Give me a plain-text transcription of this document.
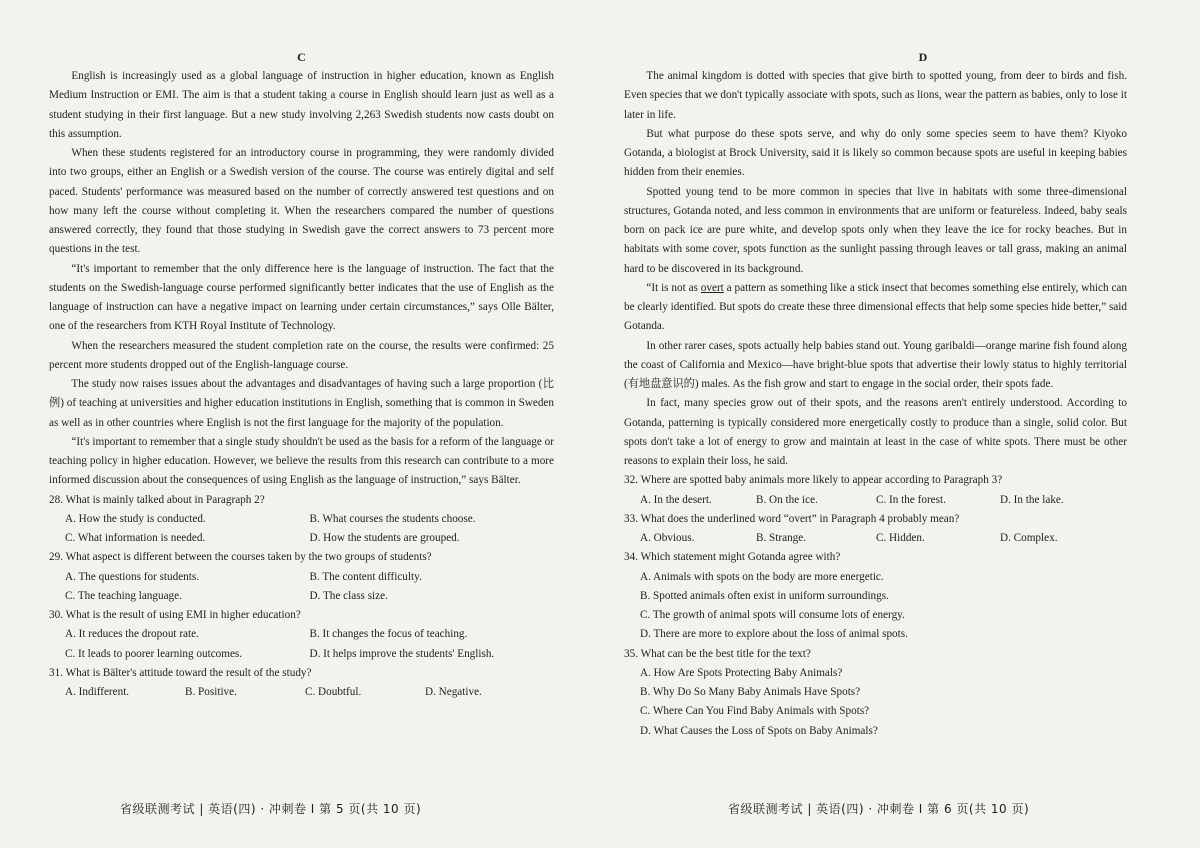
C

English is increasingly used as a global language of instruction in higher education, known as English Medium Instruction or EMI. The aim is that a student taking a course in English should learn just as well as a student studying in their first language. But a new study involving 2,263 Swedish students now casts doubt on this assumption.

When these students registered for an introductory course in programming, they were randomly divided into two groups, either an English or a Swedish version of the course. The course was entirely digital and self paced. Students' performance was measured based on the number of correctly answered test questions and on how many left the course without completing it. When the researchers compared the number of questions answered correctly, they found that those studying in Swedish gave the correct answers to 73 percent more questions in the test.

“It's important to remember that the only difference here is the language of instruction. The fact that the students on the Swedish-language course performed significantly better indicates that the use of English as the language of instruction can have a negative impact on learning under certain circumstances,” says Olle Bälter, one of the researchers from KTH Royal Institute of Technology.

When the researchers measured the student completion rate on the course, the results were confirmed: 25 percent more students dropped out of the English-language course.

The study now raises issues about the advantages and disadvantages of having such a large proportion (比例) of teaching at universities and higher education institutions in English, something that is common in Sweden as well as in other countries where English is not the first language for the majority of the population.

“It's important to remember that a single study shouldn't be used as the basis for a reform of the language or teaching policy in higher education. However, we believe the results from this research can contribute to a more informed discussion about the consequences of using English as the language of instruction,” says Bälter.

28. What is mainly talked about in Paragraph 2?
A. How the study is conducted.	B. What courses the students choose.
C. What information is needed.	D. How the students are grouped.
29. What aspect is different between the courses taken by the two groups of students?
A. The questions for students.	B. The content difficulty.
C. The teaching language.	D. The class size.
30. What is the result of using EMI in higher education?
A. It reduces the dropout rate.	B. It changes the focus of teaching.
C. It leads to poorer learning outcomes.	D. It helps improve the students' English.
31. What is Bälter's attitude toward the result of the study?
A. Indifferent.	B. Positive.	C. Doubtful.	D. Negative.
省级联测考试 | 英语(四) · 冲刺卷 Ⅰ 第 5 页(共 10 页)
D

The animal kingdom is dotted with species that give birth to spotted young, from deer to birds and fish. Even species that we don't typically associate with spots, such as lions, wear the pattern as babies, only to lose it later in life.

But what purpose do these spots serve, and why do only some species seem to have them? Kiyoko Gotanda, a biologist at Brock University, said it is likely so common because spots are useful in keeping babies hidden from their enemies.

Spotted young tend to be more common in species that live in habitats with some three-dimensional structures, Gotanda noted, and less common in environments that are uniform or featureless. Indeed, baby seals born on pack ice are pure white, and develop spots only when they leave the ice for rocky beaches. But in habitats with some cover, spots function as the sunlight passing through leaves or tall grass, making an animal hard to be discovered in its background.

“It is not as overt a pattern as something like a stick insect that becomes something else entirely, which can be clearly identified. But spots do create these three dimensional effects that help some species hide better,” said Gotanda.

In other rarer cases, spots actually help babies stand out. Young garibaldi—orange marine fish found along the coast of California and Mexico—have bright-blue spots that advertise their lowly status to highly territorial (有地盘意识的) males. As the fish grow and start to engage in the social order, their spots fade.

In fact, many species grow out of their spots, and the reasons aren't entirely understood. According to Gotanda, patterning is typically considered more energetically costly to produce than a single, solid color. But spots don't take a lot of energy to grow and maintain at least in the case of white spots. There must be other reasons to explain their loss, he said.

32. Where are spotted baby animals more likely to appear according to Paragraph 3?
A. In the desert.	B. On the ice.	C. In the forest.	D. In the lake.
33. What does the underlined word “overt” in Paragraph 4 probably mean?
A. Obvious.	B. Strange.	C. Hidden.	D. Complex.
34. Which statement might Gotanda agree with?
A. Animals with spots on the body are more energetic.
B. Spotted animals often exist in uniform surroundings.
C. The growth of animal spots will consume lots of energy.
D. There are more to explore about the loss of animal spots.
35. What can be the best title for the text?
A. How Are Spots Protecting Baby Animals?
B. Why Do So Many Baby Animals Have Spots?
C. Where Can You Find Baby Animals with Spots?
D. What Causes the Loss of Spots on Baby Animals?
省级联测考试 | 英语(四) · 冲刺卷 Ⅰ 第 6 页(共 10 页)
